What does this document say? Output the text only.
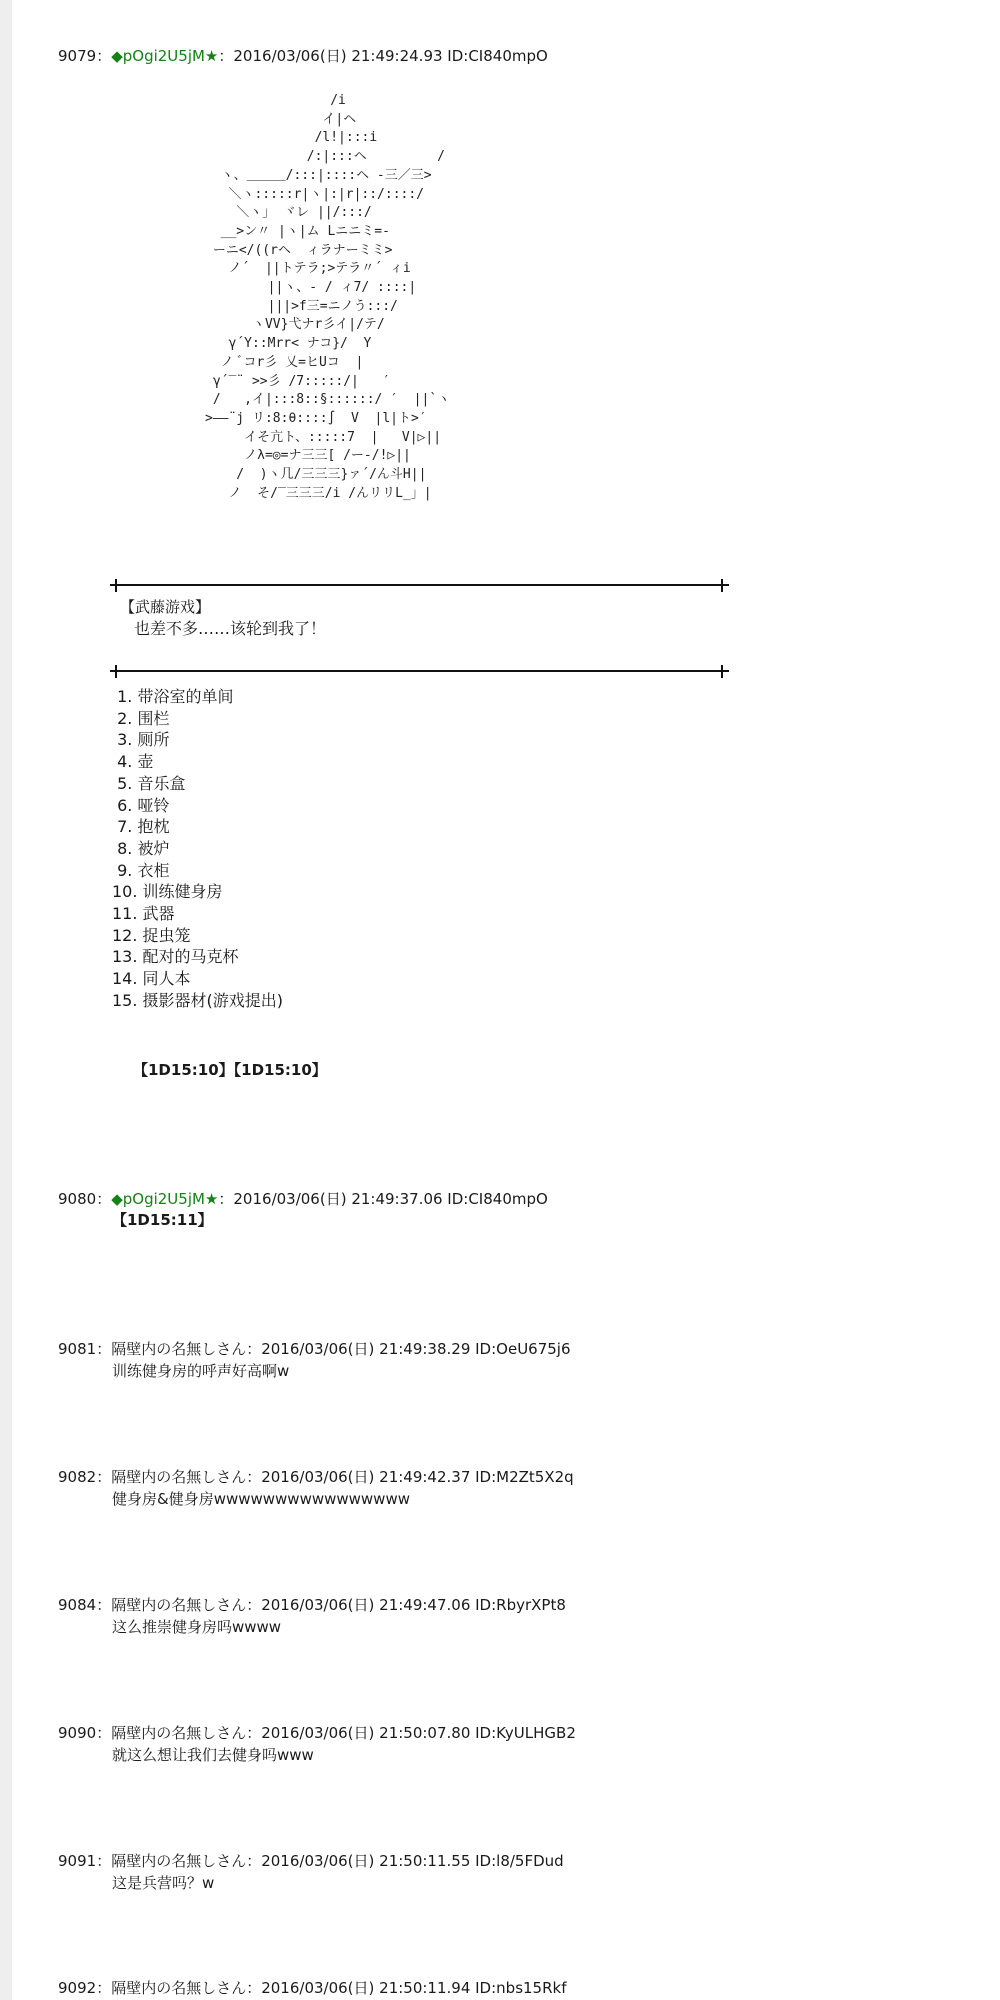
9079：◆pOgi2U5jM★：2016/03/06(日) 21:49:24.93 ID:CI840mpO
/i
イ|ヘ
/l!|:::i
/:|:::ヘ         /
ヽ、＿＿＿/:::|::::ヘ -三／三>
＼ヽ:::::r|ヽ|:|r|::/::::/
＼ヽ」 ヾレ ||/:::/
__>ン〃 |ヽ|ム Lニニミ=-
ーニ</((rヘ  ィラナーミミ>
ノ´  ||トテラ;>テラ〃´ ィi
||ヽ、- / ィ7/ ::::|
|||>f三=ニノう:::/
ヽVV}弋ナr彡イ|/テ/
γ´Y::Mrr< ナコ}/  Y
ノ ﾞコr彡 乂=ヒUコ  |
γ´‾¨ >>彡 /7:::::/|   ′
/   ,イ|:::8::§::::::/ ′  ||`ヽ
>――¨j リ:8:θ::::∫  V  |l|ト>′
イそ亢ト、:::::7  |   V|▷||
ノλ=◎=ナ三三[ /ー-/!▷||
/  )ヽ几/三三三}ァ´/ん斗H||
ノ  そ/‾三三三/i /んリリL_」|
【武藤游戏】
也差不多……该轮到我了！
1. 带浴室的单间
2. 围栏
3. 厕所
4. 壶
5. 音乐盒
6. 哑铃
7. 抱枕
8. 被炉
9. 衣柜
10. 训练健身房
11. 武器
12. 捉虫笼
13. 配对的马克杯
14. 同人本
15. 摄影器材(游戏提出)
【1D15:10】【1D15:10】
9080：◆pOgi2U5jM★：2016/03/06(日) 21:49:37.06 ID:CI840mpO
【1D15:11】
9081：隔壁内の名無しさん：2016/03/06(日) 21:49:38.29 ID:OeU675j6
训练健身房的呼声好高啊w
9082：隔壁内の名無しさん：2016/03/06(日) 21:49:42.37 ID:M2Zt5X2q
健身房&健身房wwwwwwwwwwwwwwww
9084：隔壁内の名無しさん：2016/03/06(日) 21:49:47.06 ID:RbyrXPt8
这么推崇健身房吗wwww
9090：隔壁内の名無しさん：2016/03/06(日) 21:50:07.80 ID:KyULHGB2
就这么想让我们去健身吗www
9091：隔壁内の名無しさん：2016/03/06(日) 21:50:11.55 ID:l8/5FDud
这是兵营吗？w
9092：隔壁内の名無しさん：2016/03/06(日) 21:50:11.94 ID:nbs15Rkf
